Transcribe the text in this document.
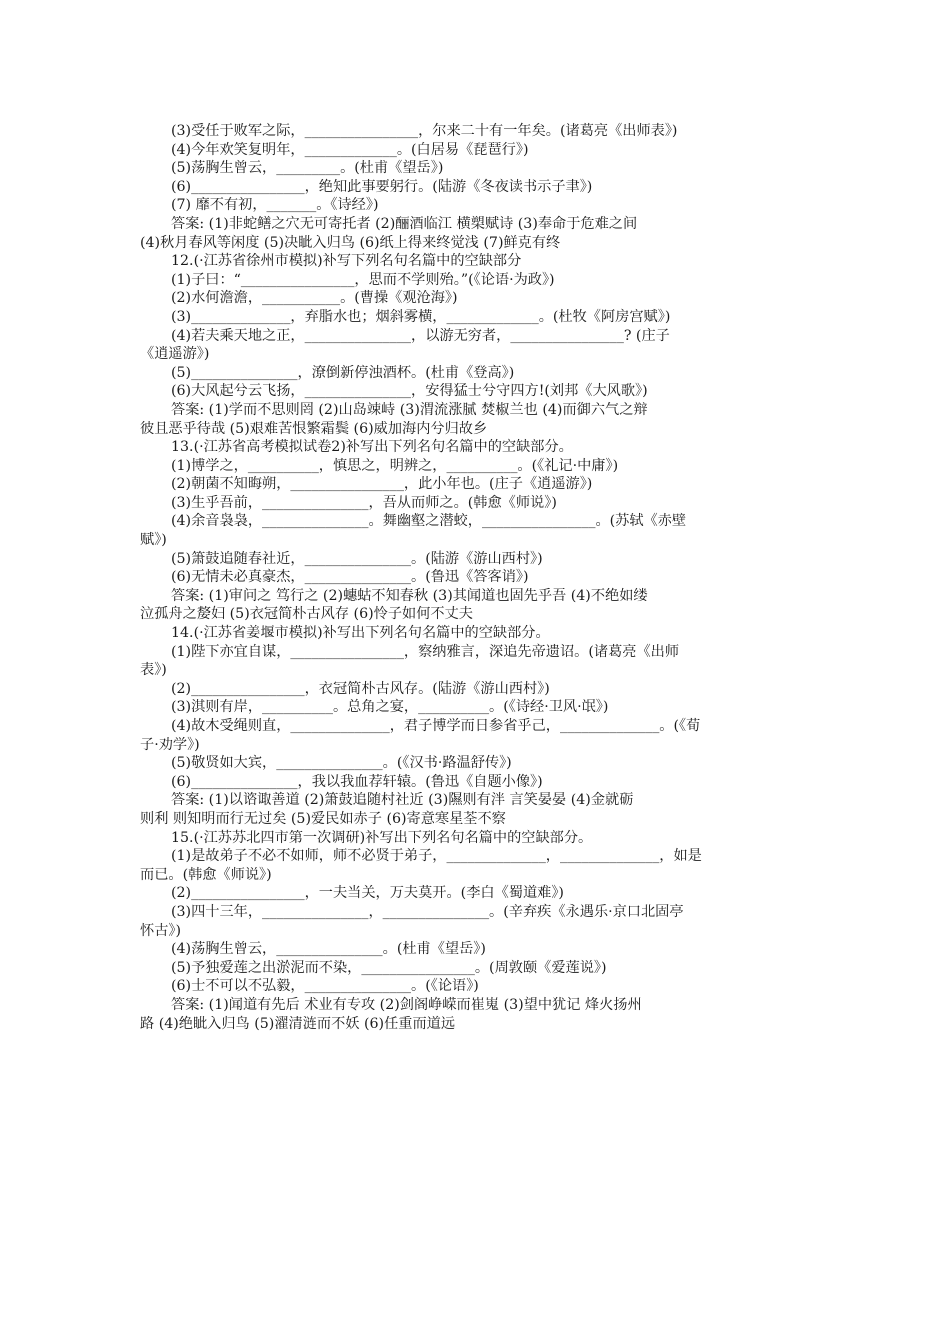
(3)受任于败军之际，________________，尔来二十有一年矣。(诸葛亮《出师表》)
(4)今年欢笑复明年，_____________。(白居易《琵琶行》)
(5)荡胸生曾云，_________。(杜甫《望岳》)
(6)________________，绝知此事要躬行。(陆游《冬夜读书示子聿》)
(7) 靡不有初，_______。《诗经》)
答案: (1)非蛇鳝之穴无可寄托者 (2)酾酒临江 横槊赋诗 (3)奉命于危难之间
(4)秋月春风等闲度 (5)决眦入归鸟 (6)纸上得来终觉浅 (7)鲜克有终
12.(·江苏省徐州市模拟)补写下列名句名篇中的空缺部分
(1)子曰：“________________，思而不学则殆。”(《论语·为政》)
(2)水何澹澹，___________。(曹操《观沧海》)
(3)______________，弃脂水也；烟斜雾横，_____________。(杜牧《阿房宫赋》)
(4)若夫乘天地之正，_______________，以游无穷者，________________? (庄子
《逍遥游》)
(5)_______________，潦倒新停浊酒杯。(杜甫《登高》)
(6)大风起兮云飞扬，_______________，安得猛士兮守四方!(刘邦《大风歌》)
答案: (1)学而不思则罔 (2)山岛竦峙 (3)渭流涨腻 焚椒兰也 (4)而御六气之辩
彼且恶乎待哉 (5)艰难苦恨繁霜鬓 (6)威加海内兮归故乡
13.(·江苏省高考模拟试卷2)补写出下列名句名篇中的空缺部分。
(1)博学之，__________，慎思之，明辨之，__________。(《礼记·中庸》)
(2)朝菌不知晦朔，________________，此小年也。(庄子《逍遥游》)
(3)生乎吾前，_______________，吾从而师之。(韩愈《师说》)
(4)余音袅袅，_______________。舞幽壑之潜蛟，________________。(苏轼《赤壁
赋》)
(5)箫鼓追随春社近，_______________。(陆游《游山西村》)
(6)无情未必真豪杰，_______________。(鲁迅《答客诮》)
答案: (1)审问之 笃行之 (2)蟪蛄不知春秋 (3)其闻道也固先乎吾 (4)不绝如缕
泣孤舟之嫠妇 (5)衣冠简朴古风存 (6)怜子如何不丈夫
14.(·江苏省姜堰市模拟)补写出下列名句名篇中的空缺部分。
(1)陛下亦宜自谋，________________，察纳雅言，深追先帝遗诏。(诸葛亮《出师
表》)
(2)________________，衣冠简朴古风存。(陆游《游山西村》)
(3)淇则有岸，__________。总角之宴，__________。(《诗经·卫风·氓》)
(4)故木受绳则直，______________，君子博学而日参省乎己，______________。(《荀
子·劝学》)
(5)敬贤如大宾，_______________。(《汉书·路温舒传》)
(6)_______________，我以我血荐轩辕。(鲁迅《自题小像》)
答案: (1)以谘诹善道 (2)箫鼓追随村社近 (3)隰则有泮 言笑晏晏 (4)金就砺
则利 则知明而行无过矣 (5)爱民如赤子 (6)寄意寒星荃不察
15.(·江苏苏北四市第一次调研)补写出下列名句名篇中的空缺部分。
(1)是故弟子不必不如师，师不必贤于弟子，______________，______________，如是
而已。(韩愈《师说》)
(2)________________，一夫当关，万夫莫开。(李白《蜀道难》)
(3)四十三年，_______________，_______________。(辛弃疾《永遇乐·京口北固亭
怀古》)
(4)荡胸生曾云，_______________。(杜甫《望岳》)
(5)予独爱莲之出淤泥而不染，________________。(周敦颐《爱莲说》)
(6)士不可以不弘毅，_______________。(《论语》)
答案: (1)闻道有先后 术业有专攻 (2)剑阁峥嵘而崔嵬 (3)望中犹记 烽火扬州
路 (4)绝眦入归鸟 (5)濯清涟而不妖 (6)任重而道远
